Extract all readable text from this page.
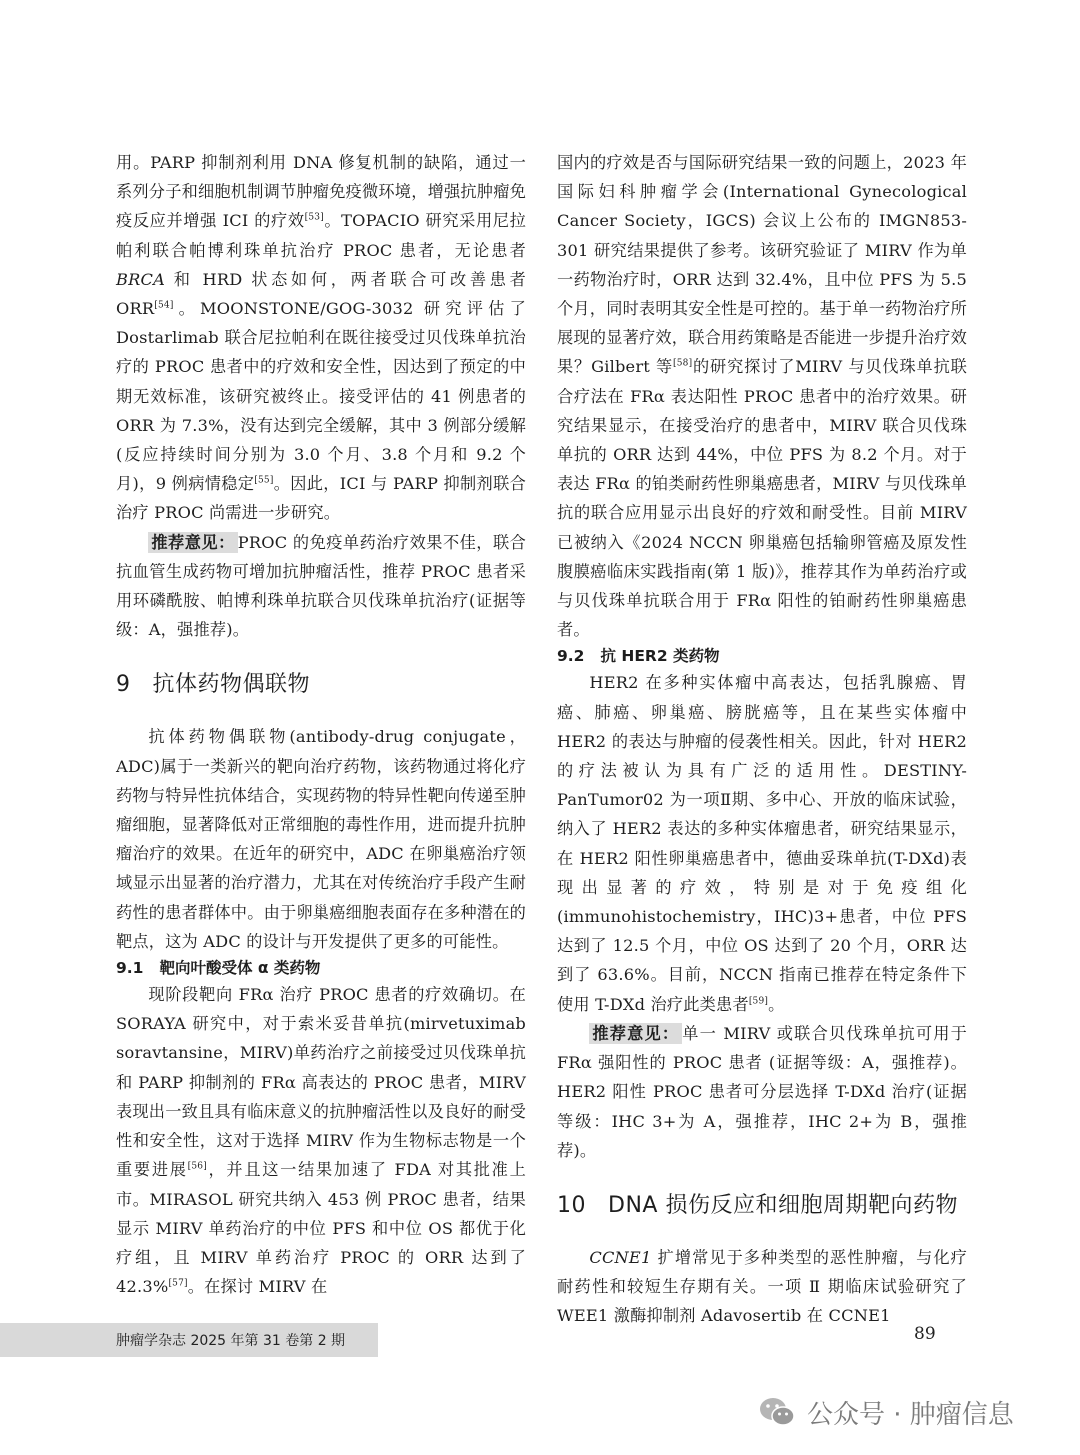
用。PARP 抑制剂利用 DNA 修复机制的缺陷，通过一系列分子和细胞机制调节肿瘤免疫微环境，增强抗肿瘤免疫反应并增强 ICI 的疗效[53]。TOPACIO 研究采用尼拉帕利联合帕博利珠单抗治疗 PROC 患者，无论患者 BRCA 和 HRD 状态如何，两者联合可改善患者 ORR[54]。MOONSTONE/GOG-3032 研究评估了 Dostarlimab 联合尼拉帕利在既往接受过贝伐珠单抗治疗的 PROC 患者中的疗效和安全性，因达到了预定的中期无效标准，该研究被终止。接受评估的 41 例患者的 ORR 为 7.3%，没有达到完全缓解，其中 3 例部分缓解(反应持续时间分别为 3.0 个月、3.8 个月和 9.2 个月)，9 例病情稳定[55]。因此，ICI 与 PARP 抑制剂联合治疗 PROC 尚需进一步研究。

推荐意见： PROC 的免疫单药治疗效果不佳，联合抗血管生成药物可增加抗肿瘤活性，推荐 PROC 患者采用环磷酰胺、帕博利珠单抗联合贝伐珠单抗治疗(证据等级：A，强推荐)。

9 抗体药物偶联物

抗体药物偶联物(antibody-drug conjugate，ADC)属于一类新兴的靶向治疗药物，该药物通过将化疗药物与特异性抗体结合，实现药物的特异性靶向传递至肿瘤细胞，显著降低对正常细胞的毒性作用，进而提升抗肿瘤治疗的效果。在近年的研究中，ADC 在卵巢癌治疗领域显示出显著的治疗潜力，尤其在对传统治疗手段产生耐药性的患者群体中。由于卵巢癌细胞表面存在多种潜在的靶点，这为 ADC 的设计与开发提供了更多的可能性。

9.1 靶向叶酸受体 α 类药物

现阶段靶向 FRα 治疗 PROC 患者的疗效确切。在 SORAYA 研究中，对于索米妥昔单抗(mirvetuximab soravtansine，MIRV)单药治疗之前接受过贝伐珠单抗和 PARP 抑制剂的 FRα 高表达的 PROC 患者，MIRV 表现出一致且具有临床意义的抗肿瘤活性以及良好的耐受性和安全性，这对于选择 MIRV 作为生物标志物是一个重要进展[56]，并且这一结果加速了 FDA 对其批准上市。MIRASOL 研究共纳入 453 例 PROC 患者，结果显示 MIRV 单药治疗的中位 PFS 和中位 OS 都优于化疗组，且 MIRV 单药治疗 PROC 的 ORR 达到了 42.3%[57]。在探讨 MIRV 在

国内的疗效是否与国际研究结果一致的问题上，2023 年国际妇科肿瘤学会(International Gynecological Cancer Society，IGCS) 会议上公布的 IMGN853-301 研究结果提供了参考。该研究验证了 MIRV 作为单一药物治疗时，ORR 达到 32.4%，且中位 PFS 为 5.5 个月，同时表明其安全性是可控的。基于单一药物治疗所展现的显著疗效，联合用药策略是否能进一步提升治疗效果？Gilbert 等[58]的研究探讨了MIRV 与贝伐珠单抗联合疗法在 FRα 表达阳性 PROC 患者中的治疗效果。研究结果显示，在接受治疗的患者中，MIRV 联合贝伐珠单抗的 ORR 达到 44%，中位 PFS 为 8.2 个月。对于表达 FRα 的铂类耐药性卵巢癌患者，MIRV 与贝伐珠单抗的联合应用显示出良好的疗效和耐受性。目前 MIRV 已被纳入《2024 NCCN 卵巢癌包括输卵管癌及原发性腹膜癌临床实践指南(第 1 版)》，推荐其作为单药治疗或与贝伐珠单抗联合用于 FRα 阳性的铂耐药性卵巢癌患者。

9.2 抗 HER2 类药物

HER2 在多种实体瘤中高表达，包括乳腺癌、胃癌、肺癌、卵巢癌、膀胱癌等，且在某些实体瘤中 HER2 的表达与肿瘤的侵袭性相关。因此，针对 HER2 的疗法被认为具有广泛的适用性。DESTINY-PanTumor02 为一项Ⅱ期、多中心、开放的临床试验，纳入了 HER2 表达的多种实体瘤患者，研究结果显示，在 HER2 阳性卵巢癌患者中，德曲妥珠单抗(T-DXd)表现出显著的疗效，特别是对于免疫组化(immunohistochemistry，IHC)3+患者，中位 PFS 达到了 12.5 个月，中位 OS 达到了 20 个月，ORR 达到了 63.6%。目前，NCCN 指南已推荐在特定条件下使用 T-DXd 治疗此类患者[59]。

推荐意见： 单一 MIRV 或联合贝伐珠单抗可用于 FRα 强阳性的 PROC 患者 (证据等级：A，强推荐)。HER2 阳性 PROC 患者可分层选择 T-DXd 治疗(证据等级：IHC 3+为 A，强推荐，IHC 2+为 B，强推荐)。

10 DNA 损伤反应和细胞周期靶向药物

CCNE1 扩增常见于多种类型的恶性肿瘤，与化疗耐药性和较短生存期有关。一项 Ⅱ 期临床试验研究了 WEE1 激酶抑制剂 Adavosertib 在 CCNE1

肿瘤学杂志 2025 年第 31 卷第 2 期	89
公众号 · 肿瘤信息
